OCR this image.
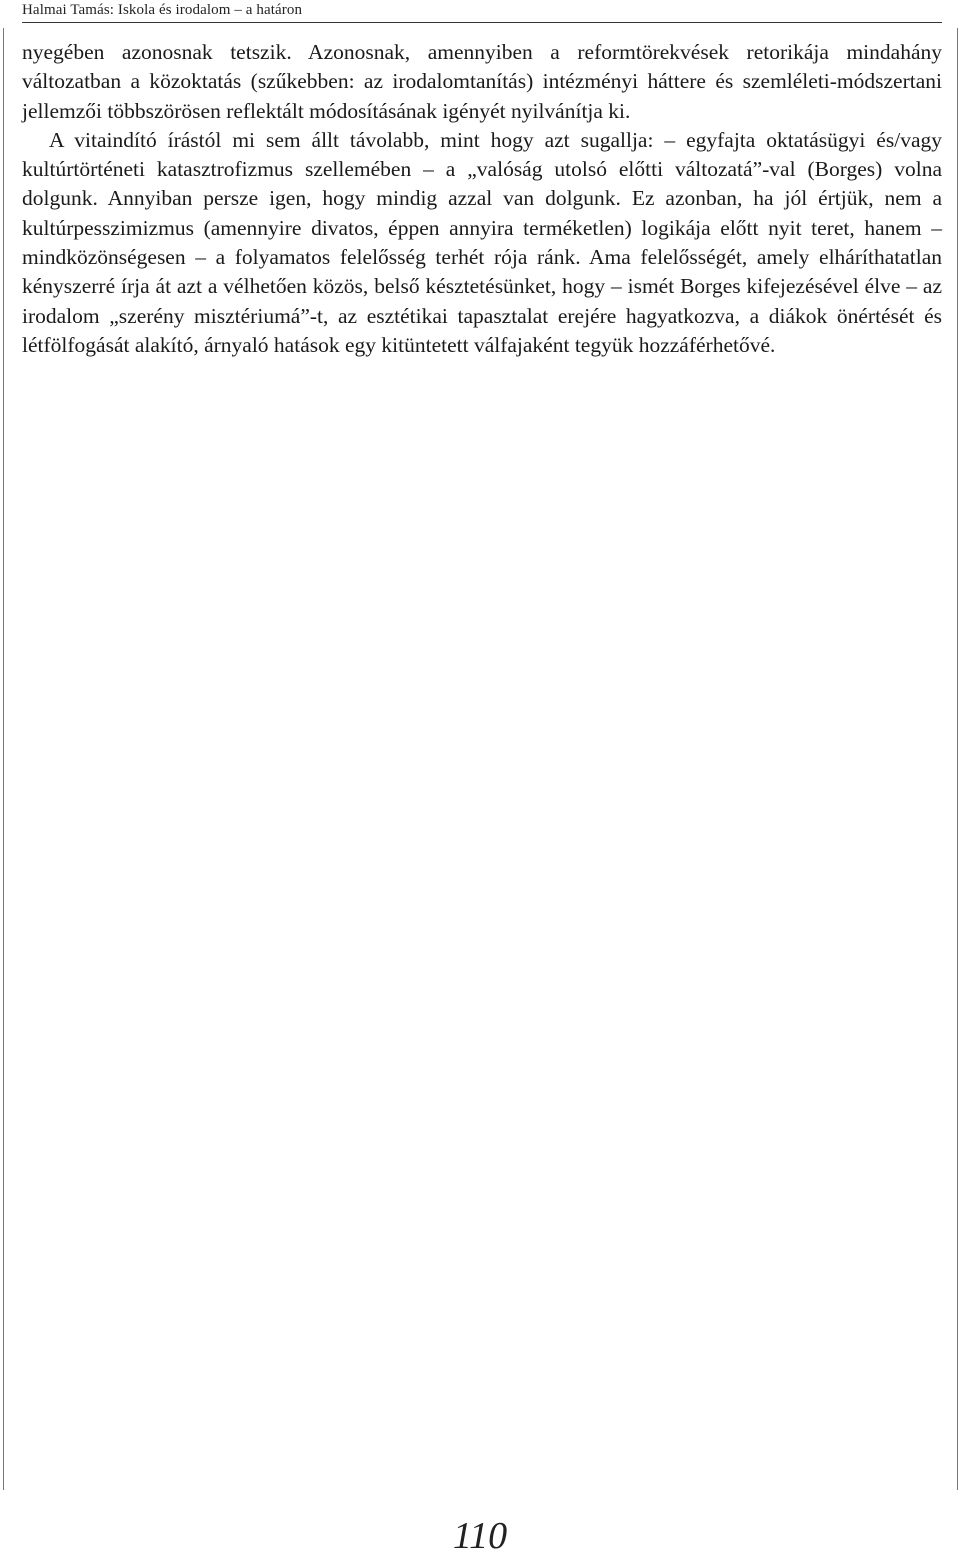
Halmai Tamás: Iskola és irodalom – a határon

nyegében azonosnak tetszik. Azonosnak, amennyiben a reformtörekvések retorikája mindahány változatban a közoktatás (szűkebben: az irodalomtanítás) intézményi háttere és szemléleti-módszertani jellemzői többszörösen reflektált módosításának igényét nyilvánítja ki.

A vitaindító írástól mi sem állt távolabb, mint hogy azt sugallja: – egyfajta oktatásügyi és/vagy kultúrtörténeti katasztrofizmus szellemében – a „valóság utolsó előtti változatá”-val (Borges) volna dolgunk. Annyiban persze igen, hogy mindig azzal van dolgunk. Ez azonban, ha jól értjük, nem a kultúrpesszimizmus (amennyire divatos, éppen annyira terméketlen) logikája előtt nyit teret, hanem – mindközönségesen – a folyamatos felelősség terhét rója ránk. Ama felelősségét, amely elháríthatatlan kényszerré írja át azt a vélhetően közös, belső késztetésünket, hogy – ismét Borges kifejezésével élve – az irodalom „szerény misztériumá”-t, az esztétikai tapasztalat erejére hagyatkozva, a diákok önértését és létfölfogását alakító, árnyaló hatások egy kitüntetett válfajaként tegyük hozzáférhetővé.

110
